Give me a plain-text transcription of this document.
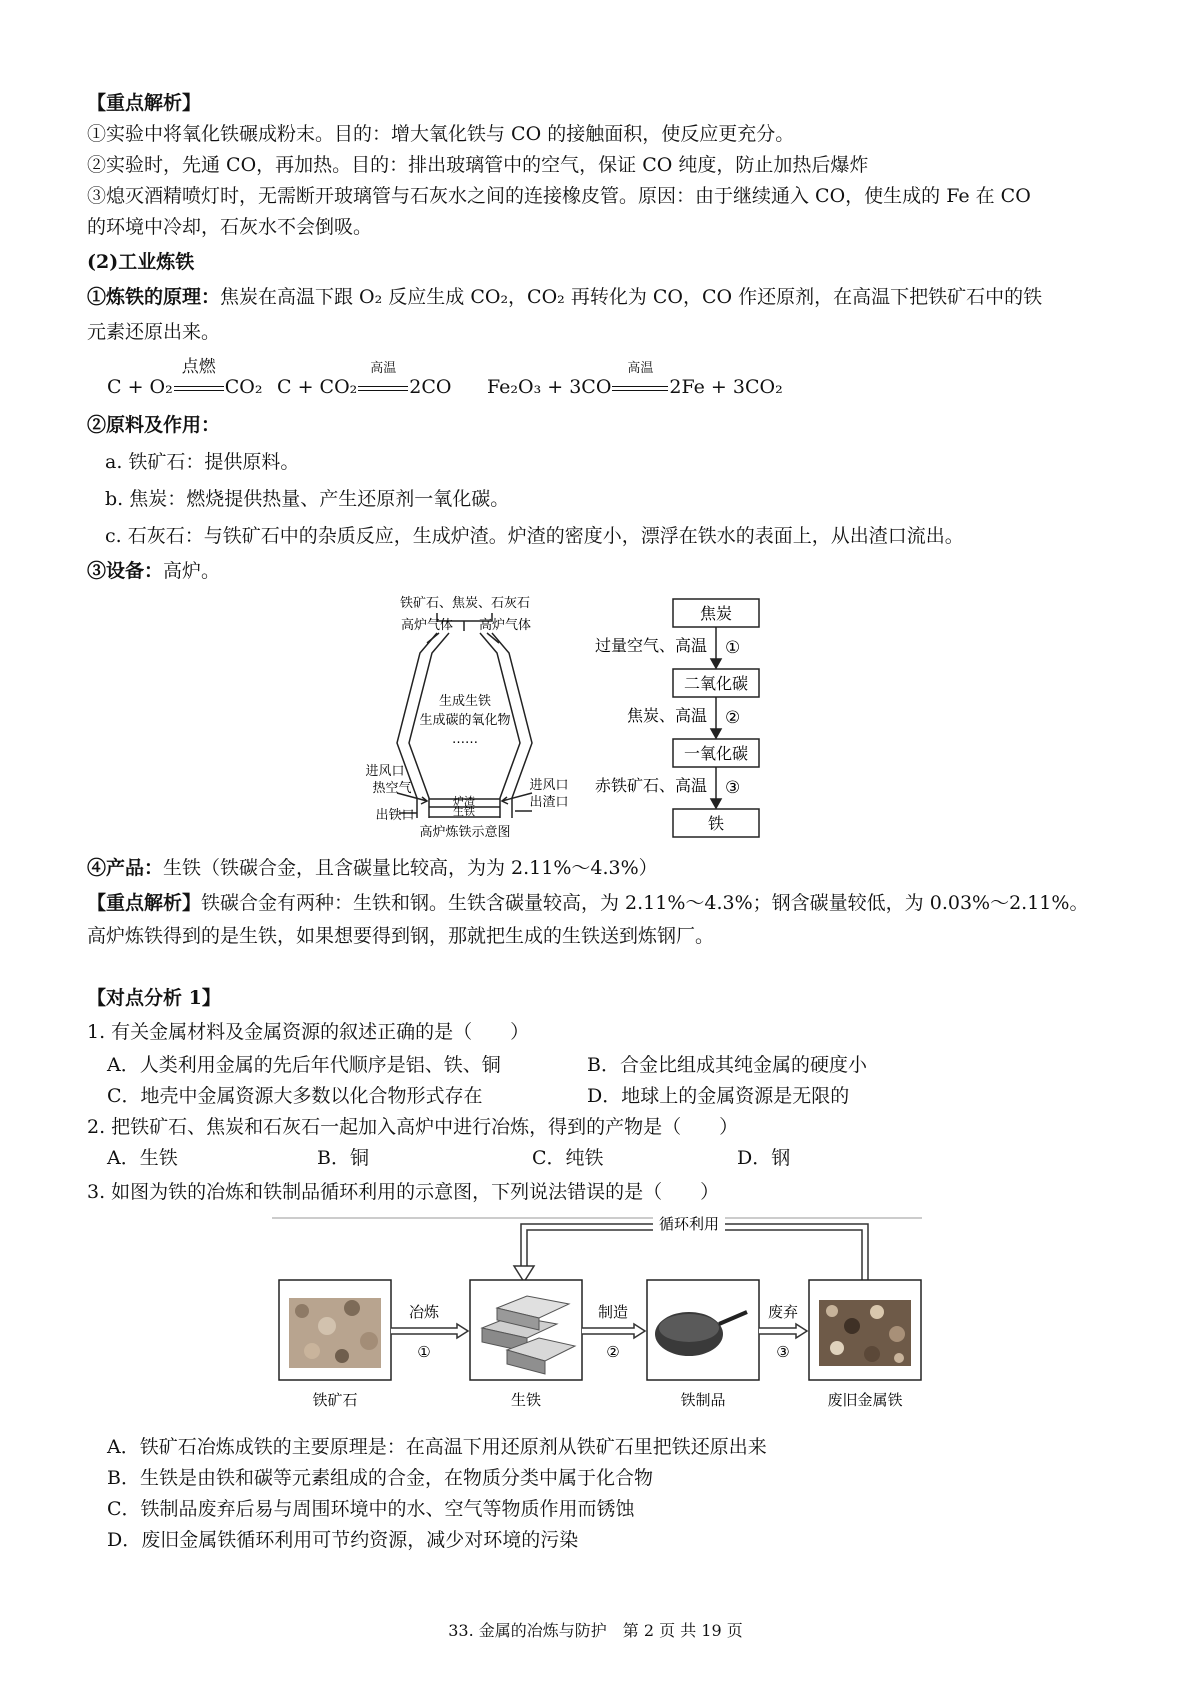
【重点解析】
①实验中将氧化铁碾成粉末。目的：增大氧化铁与 CO 的接触面积，使反应更充分。
②实验时，先通 CO，再加热。目的：排出玻璃管中的空气，保证 CO 纯度，防止加热后爆炸
③熄灭酒精喷灯时，无需断开玻璃管与石灰水之间的连接橡皮管。原因：由于继续通入 CO，使生成的 Fe 在 CO
的环境中冷却，石灰水不会倒吸。
(2)工业炼铁
①炼铁的原理：焦炭在高温下跟 O₂ 反应生成 CO₂，CO₂ 再转化为 CO，CO 作还原剂，在高温下把铁矿石中的铁
元素还原出来。
C + O₂
点燃
CO₂ C + CO₂
高温
2CO Fe₂O₃ + 3CO
高温
2Fe + 3CO₂
②原料及作用：
a. 铁矿石：提供原料。
b. 焦炭：燃烧提供热量、产生还原剂一氧化碳。
c. 石灰石：与铁矿石中的杂质反应，生成炉渣。炉渣的密度小，漂浮在铁水的表面上，从出渣口流出。
③设备：高炉。
铁矿石、焦炭、石灰石
高炉气体 高炉气体
生成生铁
生成碳的氧化物
……
进风口
热空气
炉渣
生铁
出铁口
进风口
出渣口
高炉炼铁示意图
焦炭
二氧化碳
一氧化碳
铁
过量空气、高温
焦炭、高温
赤铁矿石、高温
①
②
③
④产品：生铁（铁碳合金，且含碳量比较高，为为 2.11%～4.3%）
【重点解析】铁碳合金有两种：生铁和钢。生铁含碳量较高，为 2.11%～4.3%；钢含碳量较低，为 0.03%～2.11%。
高炉炼铁得到的是生铁，如果想要得到钢，那就把生成的生铁送到炼钢厂。
【对点分析 1】
1. 有关金属材料及金属资源的叙述正确的是（　　）
A．人类利用金属的先后年代顺序是铝、铁、铜	B．合金比组成其纯金属的硬度小
C．地壳中金属资源大多数以化合物形式存在	D．地球上的金属资源是无限的
2. 把铁矿石、焦炭和石灰石一起加入高炉中进行冶炼，得到的产物是（　　）
A．生铁	B．铜	C．纯铁	D．钢
3. 如图为铁的冶炼和铁制品循环利用的示意图，下列说法错误的是（　　）
循环利用
冶炼	制造	废弃
①	②	③
铁矿石	生铁	铁制品	废旧金属铁
A．铁矿石冶炼成铁的主要原理是：在高温下用还原剂从铁矿石里把铁还原出来
B．生铁是由铁和碳等元素组成的合金，在物质分类中属于化合物
C．铁制品废弃后易与周围环境中的水、空气等物质作用而锈蚀
D．废旧金属铁循环利用可节约资源，减少对环境的污染
33. 金属的冶炼与防护　第 2 页 共 19 页
